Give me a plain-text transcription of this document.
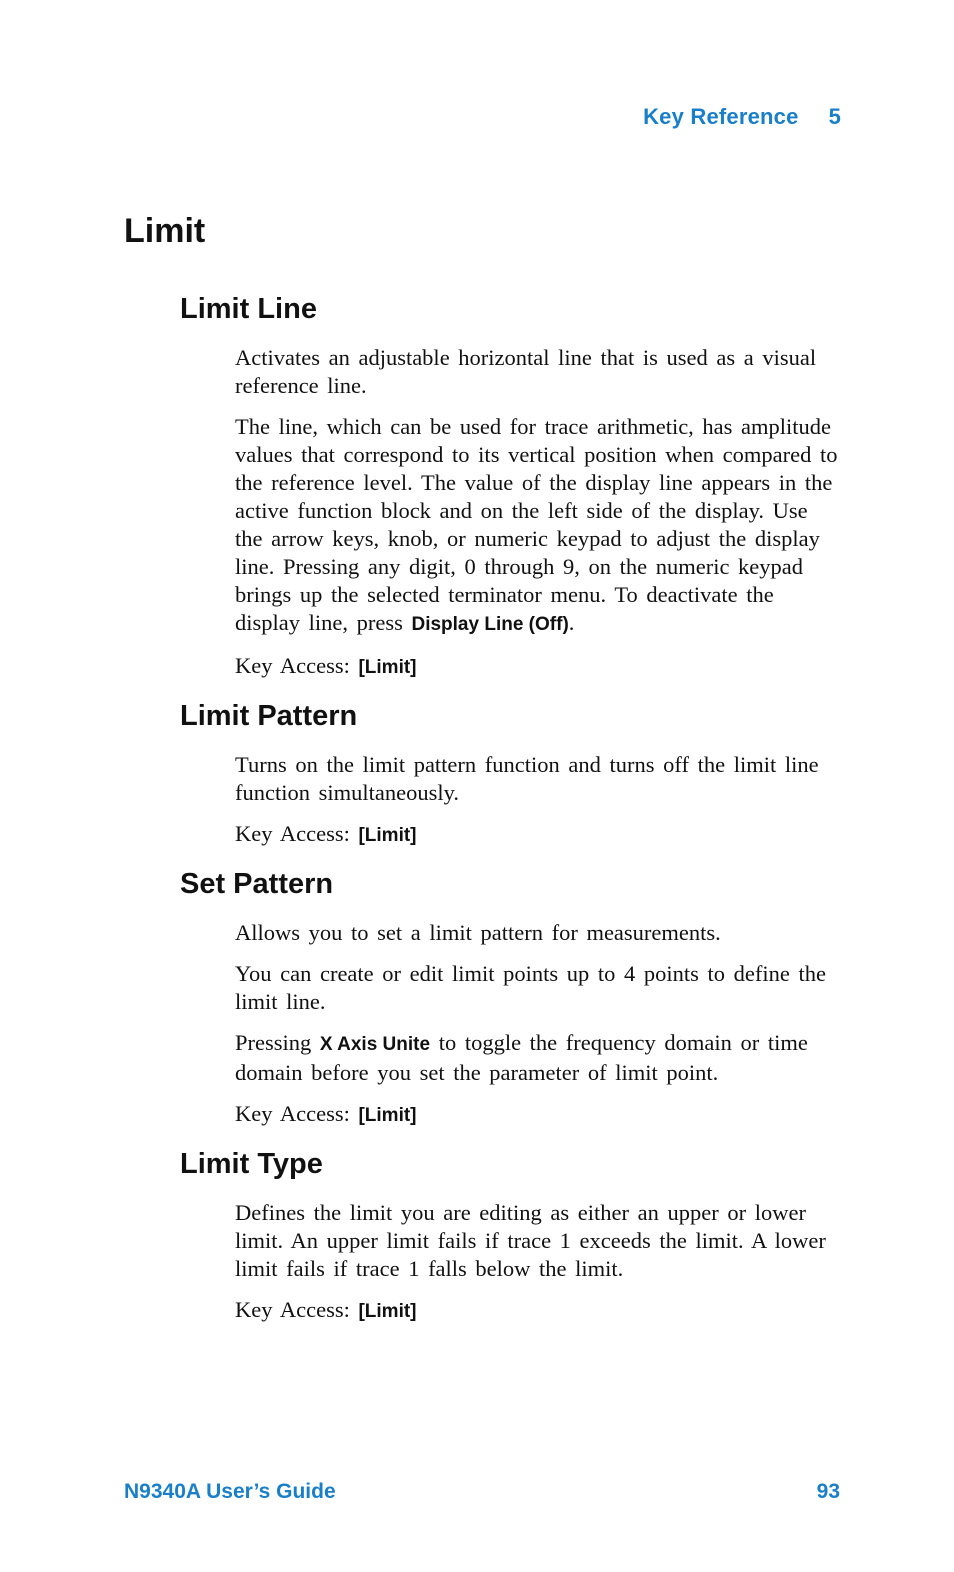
Key Reference 5
Limit
Limit Line

Activates an adjustable horizontal line that is used as a visual reference line.

The line, which can be used for trace arithmetic, has amplitude values that correspond to its vertical position when compared to the reference level. The value of the display line appears in the active function block and on the left side of the display. Use the arrow keys, knob, or numeric keypad to adjust the display line. Pressing any digit, 0 through 9, on the numeric keypad brings up the selected terminator menu. To deactivate the display line, press Display Line (Off).

Key Access: [Limit]

Limit Pattern

Turns on the limit pattern function and turns off the limit line function simultaneously.

Key Access: [Limit]

Set Pattern

Allows you to set a limit pattern for measurements.

You can create or edit limit points up to 4 points to define the limit line.

Pressing X Axis Unite to toggle the frequency domain or time domain before you set the parameter of limit point.

Key Access: [Limit]

Limit Type

Defines the limit you are editing as either an upper or lower limit. An upper limit fails if trace 1 exceeds the limit. A lower limit fails if trace 1 falls below the limit.

Key Access: [Limit]

N9340A User’s Guide	93
